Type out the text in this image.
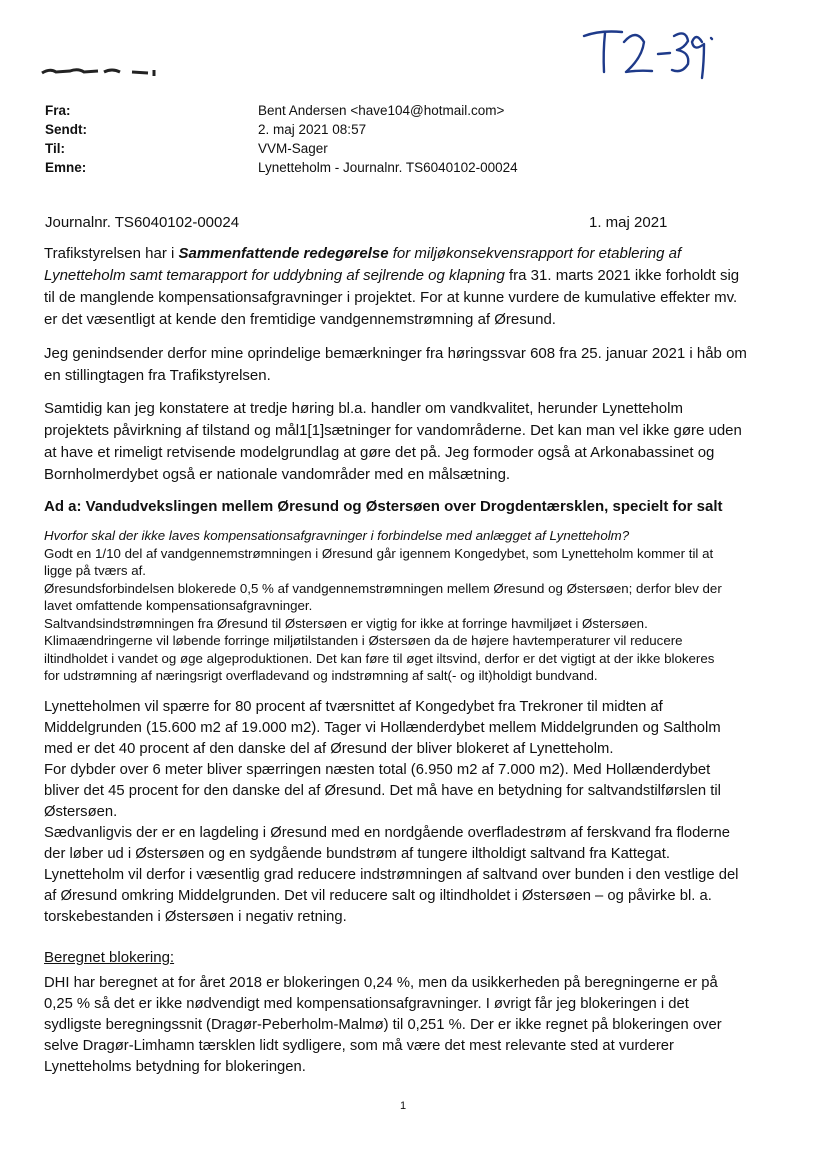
Fra:	Bent Andersen <have104@hotmail.com>
Sendt:	2. maj 2021 08:57
Til:	VVM-Sager
Emne:	Lynetteholm - Journalnr. TS6040102-00024
Journalnr. TS6040102-00024	1. maj 2021
Trafikstyrelsen har i Sammenfattende redegørelse for miljøkonsekvensrapport for etablering af
Lynetteholm samt temarapport for uddybning af sejlrende og klapning fra 31. marts 2021 ikke forholdt sig
til de manglende kompensationsafgravninger i projektet. For at kunne vurdere de kumulative effekter mv.
er det væsentligt at kende den fremtidige vandgennemstrømning af Øresund.
Jeg genindsender derfor mine oprindelige bemærkninger fra høringssvar 608 fra 25. januar 2021 i håb om
en stillingtagen fra Trafikstyrelsen.
Samtidig kan jeg konstatere at tredje høring bl.a. handler om vandkvalitet, herunder Lynetteholm
projektets påvirkning af tilstand og mål1[1]sætninger for vandområderne. Det kan man vel ikke gøre uden
at have et rimeligt retvisende modelgrundlag at gøre det på. Jeg formoder også at Arkonabassinet og
Bornholmerdybet også er nationale vandområder med en målsætning.
Ad a: Vandudvekslingen mellem Øresund og Østersøen over Drogdentærsklen, specielt for salt
Hvorfor skal der ikke laves kompensationsafgravninger i forbindelse med anlægget af Lynetteholm?
Godt en 1/10 del af vandgennemstrømningen i Øresund går igennem Kongedybet, som Lynetteholm kommer til at
ligge på tværs af.
Øresundsforbindelsen blokerede 0,5 % af vandgennemstrømningen mellem Øresund og Østersøen; derfor blev der
lavet omfattende kompensationsafgravninger.
Saltvandsindstrømningen fra Øresund til Østersøen er vigtig for ikke at forringe havmiljøet i Østersøen.
Klimaændringerne vil løbende forringe miljøtilstanden i Østersøen da de højere havtemperaturer vil reducere
iltindholdet i vandet og øge algeproduktionen. Det kan føre til øget iltsvind, derfor er det vigtigt at der ikke blokeres
for udstrømning af næringsrigt overfladevand og indstrømning af salt(- og ilt)holdigt bundvand.
Lynetteholmen vil spærre for 80 procent af tværsnittet af Kongedybet fra Trekroner til midten af
Middelgrunden (15.600 m2 af 19.000 m2). Tager vi Hollænderdybet mellem Middelgrunden og Saltholm
med er det 40 procent af den danske del af Øresund der bliver blokeret af Lynetteholm.
For dybder over 6 meter bliver spærringen næsten total (6.950 m2 af 7.000 m2). Med Hollænderdybet
bliver det 45 procent for den danske del af Øresund. Det må have en betydning for saltvandstilførslen til
Østersøen.
Sædvanligvis der er en lagdeling i Øresund med en nordgående overfladestrøm af ferskvand fra floderne
der løber ud i Østersøen og en sydgående bundstrøm af tungere iltholdigt saltvand fra Kattegat.
Lynetteholm vil derfor i væsentlig grad reducere indstrømningen af saltvand over bunden i den vestlige del
af Øresund omkring Middelgrunden. Det vil reducere salt og iltindholdet i Østersøen – og påvirke bl. a.
torskebestanden i Østersøen i negativ retning.
Beregnet blokering:
DHI har beregnet at for året 2018 er blokeringen 0,24 %, men da usikkerheden på beregningerne er på
0,25 % så det er ikke nødvendigt med kompensationsafgravninger. I øvrigt får jeg blokeringen i det
sydligste beregningssnit (Dragør-Peberholm-Malmø) til 0,251 %. Der er ikke regnet på blokeringen over
selve Dragør-Limhamn tærsklen lidt sydligere, som må være det mest relevante sted at vurderer
Lynetteholms betydning for blokeringen.
1
